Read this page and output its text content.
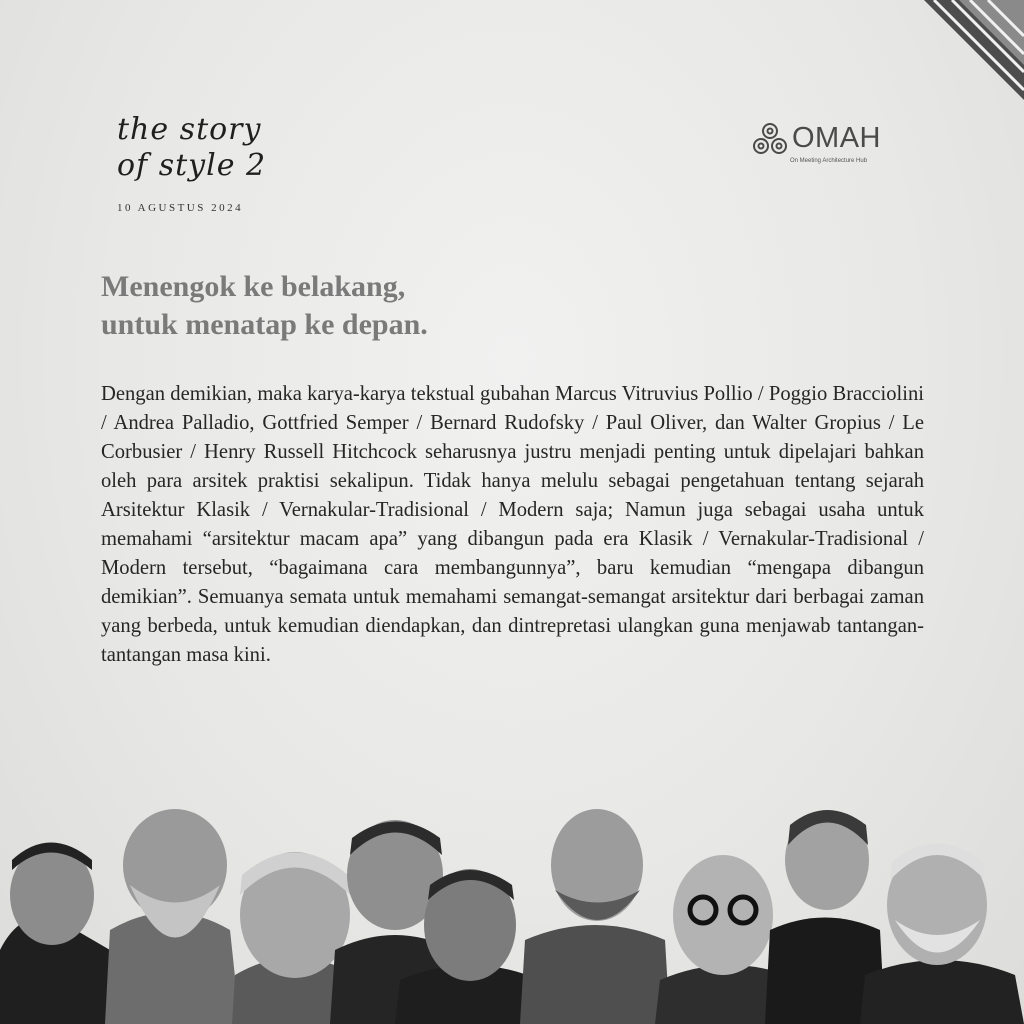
the story
of style 2
10 AGUSTUS 2024
OMAH
On Meeting Architecture Hub
Menengok ke belakang,
untuk menatap ke depan.

Dengan demikian, maka karya-karya tekstual gubahan Marcus Vitruvius Pollio / Poggio Bracciolini / Andrea Palladio, Gottfried Semper / Bernard Rudofsky / Paul Oliver, dan Walter Gropius / Le Corbusier / Henry Russell Hitchcock seharusnya justru menjadi penting untuk dipelajari bahkan oleh para arsitek praktisi sekalipun. Tidak hanya melulu sebagai pengetahuan tentang sejarah Arsitektur Klasik / Vernakular-Tradisional / Modern saja; Namun juga sebagai usaha untuk memahami “arsitektur macam apa” yang dibangun pada era Klasik / Vernakular-Tradisional / Modern tersebut, “bagaimana cara membangunnya”, baru kemudian “mengapa dibangun demikian”. Semuanya semata untuk memahami semangat-semangat arsitektur dari berbagai zaman yang berbeda, untuk kemudian diendapkan, dan dintrepretasi ulangkan guna menjawab tantangan-tantangan masa kini.
